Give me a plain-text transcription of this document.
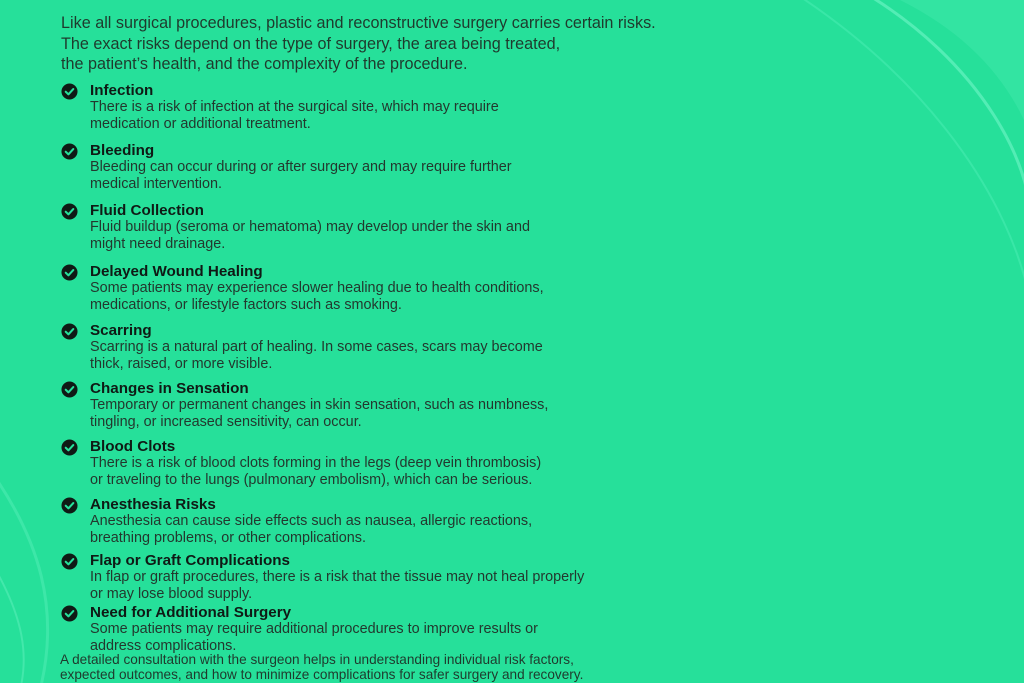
Like all surgical procedures, plastic and reconstructive surgery carries certain risks.
The exact risks depend on the type of surgery, the area being treated,
the patient’s health, and the complexity of the procedure.
Infection
There is a risk of infection at the surgical site, which may require
medication or additional treatment.
Bleeding
Bleeding can occur during or after surgery and may require further
medical intervention.
Fluid Collection
Fluid buildup (seroma or hematoma) may develop under the skin and
might need drainage.
Delayed Wound Healing
Some patients may experience slower healing due to health conditions,
medications, or lifestyle factors such as smoking.
Scarring
Scarring is a natural part of healing. In some cases, scars may become
thick, raised, or more visible.
Changes in Sensation
Temporary or permanent changes in skin sensation, such as numbness,
tingling, or increased sensitivity, can occur.
Blood Clots
There is a risk of blood clots forming in the legs (deep vein thrombosis)
or traveling to the lungs (pulmonary embolism), which can be serious.
Anesthesia Risks
Anesthesia can cause side effects such as nausea, allergic reactions,
breathing problems, or other complications.
Flap or Graft Complications
In flap or graft procedures, there is a risk that the tissue may not heal properly
or may lose blood supply.
Need for Additional Surgery
Some patients may require additional procedures to improve results or
address complications.
A detailed consultation with the surgeon helps in understanding individual risk factors,
expected outcomes, and how to minimize complications for safer surgery and recovery.
